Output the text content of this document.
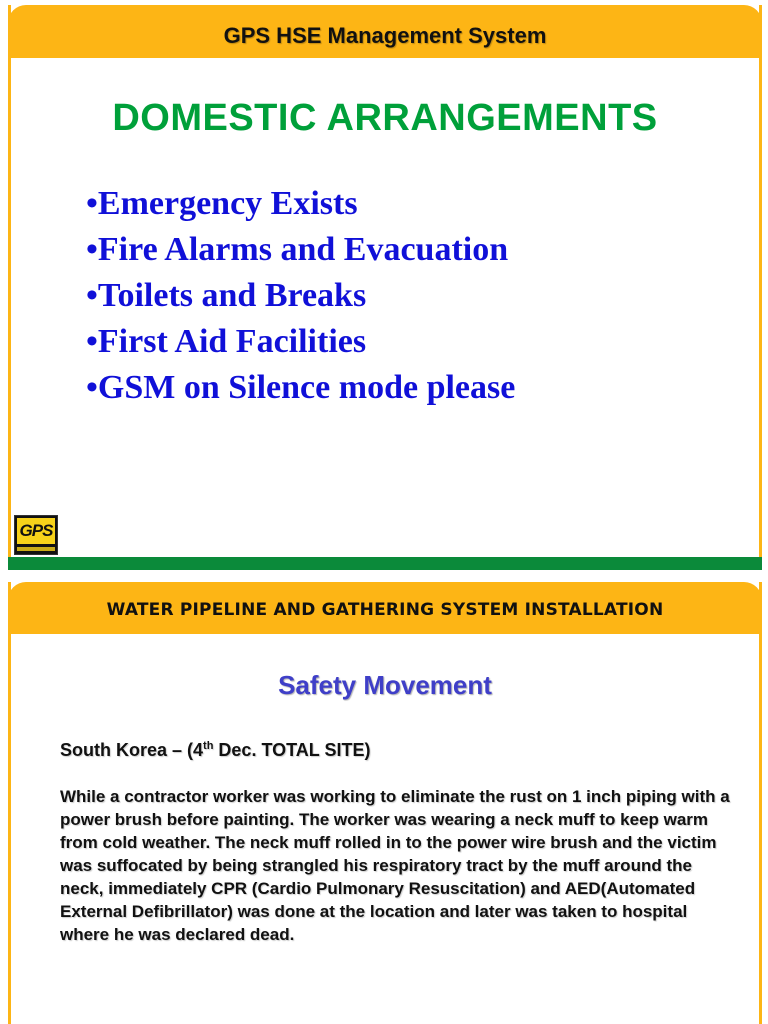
GPS HSE Management System
DOMESTIC ARRANGEMENTS
•Emergency Exists
•Fire Alarms and Evacuation
•Toilets and Breaks
•First Aid Facilities
•GSM on Silence mode please
GPS
WATER PIPELINE AND GATHERING SYSTEM INSTALLATION
Safety Movement
South Korea – (4th Dec. TOTAL SITE)

While a contractor worker was working to eliminate the rust on 1 inch piping with a power brush before painting. The worker was wearing a neck muff to keep warm from cold weather. The neck muff rolled in to the power wire brush and the victim was suffocated by being strangled his respiratory tract by the muff around the neck, immediately CPR (Cardio Pulmonary Resuscitation) and AED(Automated External Defibrillator) was done at the location and later was taken to hospital where he was declared dead.
